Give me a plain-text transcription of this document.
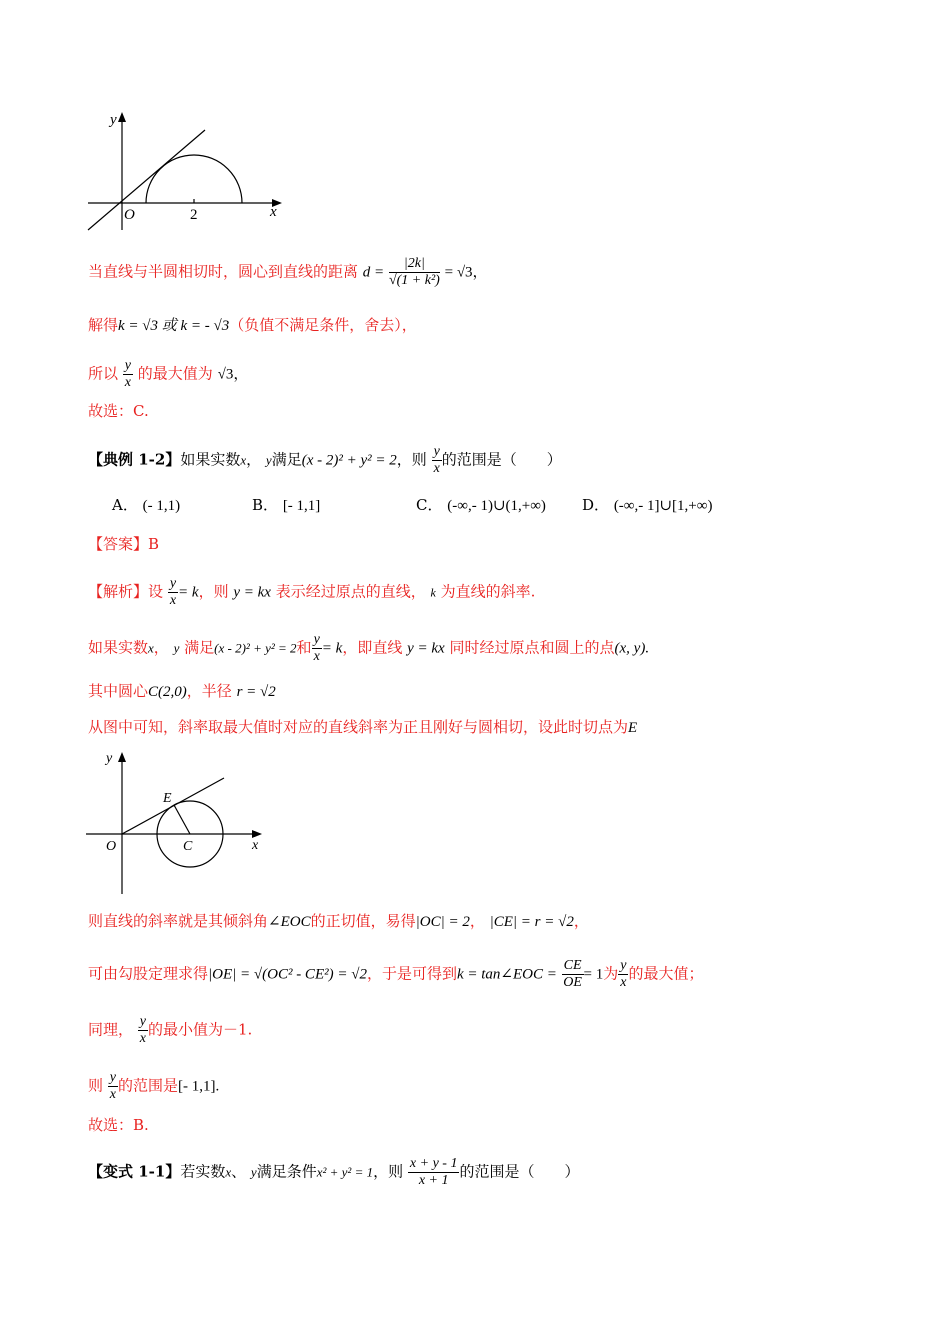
y
x
O	2
当直线与半圆相切时，圆心到直线的距离 $d = \frac{|2k|}{\text{√(1 + k²)}} = √3$，
解得k = √3 或 k = - √3（负值不满足条件，舍去），
所以 $\frac{y}{x}$ 的最大值为 √3，
故选：C.
【典例 1-2】如果实数x， y满足(x - 2)² + y² = 2，则 $\frac{y}{x}$ 的范围是（　　）
A． (- 1,1)	B． [- 1,1]	C． (-∞,- 1)∪(1,+∞) D． (-∞,- 1]∪[1,+∞)
【答案】B
【解析】设 $\frac{y}{x} = k$，则 y = kx 表示经过原点的直线， k 为直线的斜率.
如果实数x， y 满足(x - 2)² + y² = 2和 $\frac{y}{x} = k$，即直线 y = kx 同时经过原点和圆上的点(x, y).
其中圆心C(2,0)，半径 r = √2
从图中可知，斜率取最大值时对应的直线斜率为正且刚好与圆相切，设此时切点为E
y
x
O	C
E
则直线的斜率就是其倾斜角∠EOC的正切值，易得|OC| = 2， |CE| = r = √2，
可由勾股定理求得|OE| = √(OC² - CE²) = √2，于是可得到k = tan∠EOC = $\frac{CE}{OE} = 1$为 $\frac{y}{x}$ 的最大值；
同理， $\frac{y}{x}$ 的最小值为－1.
则 $\frac{y}{x}$ 的范围是[- 1,1].
故选：B.
【变式 1-1】若实数x、 y满足条件x² + y² = 1，则 $\frac{x + y - 1}{x + 1}$ 的范围是（　　）
